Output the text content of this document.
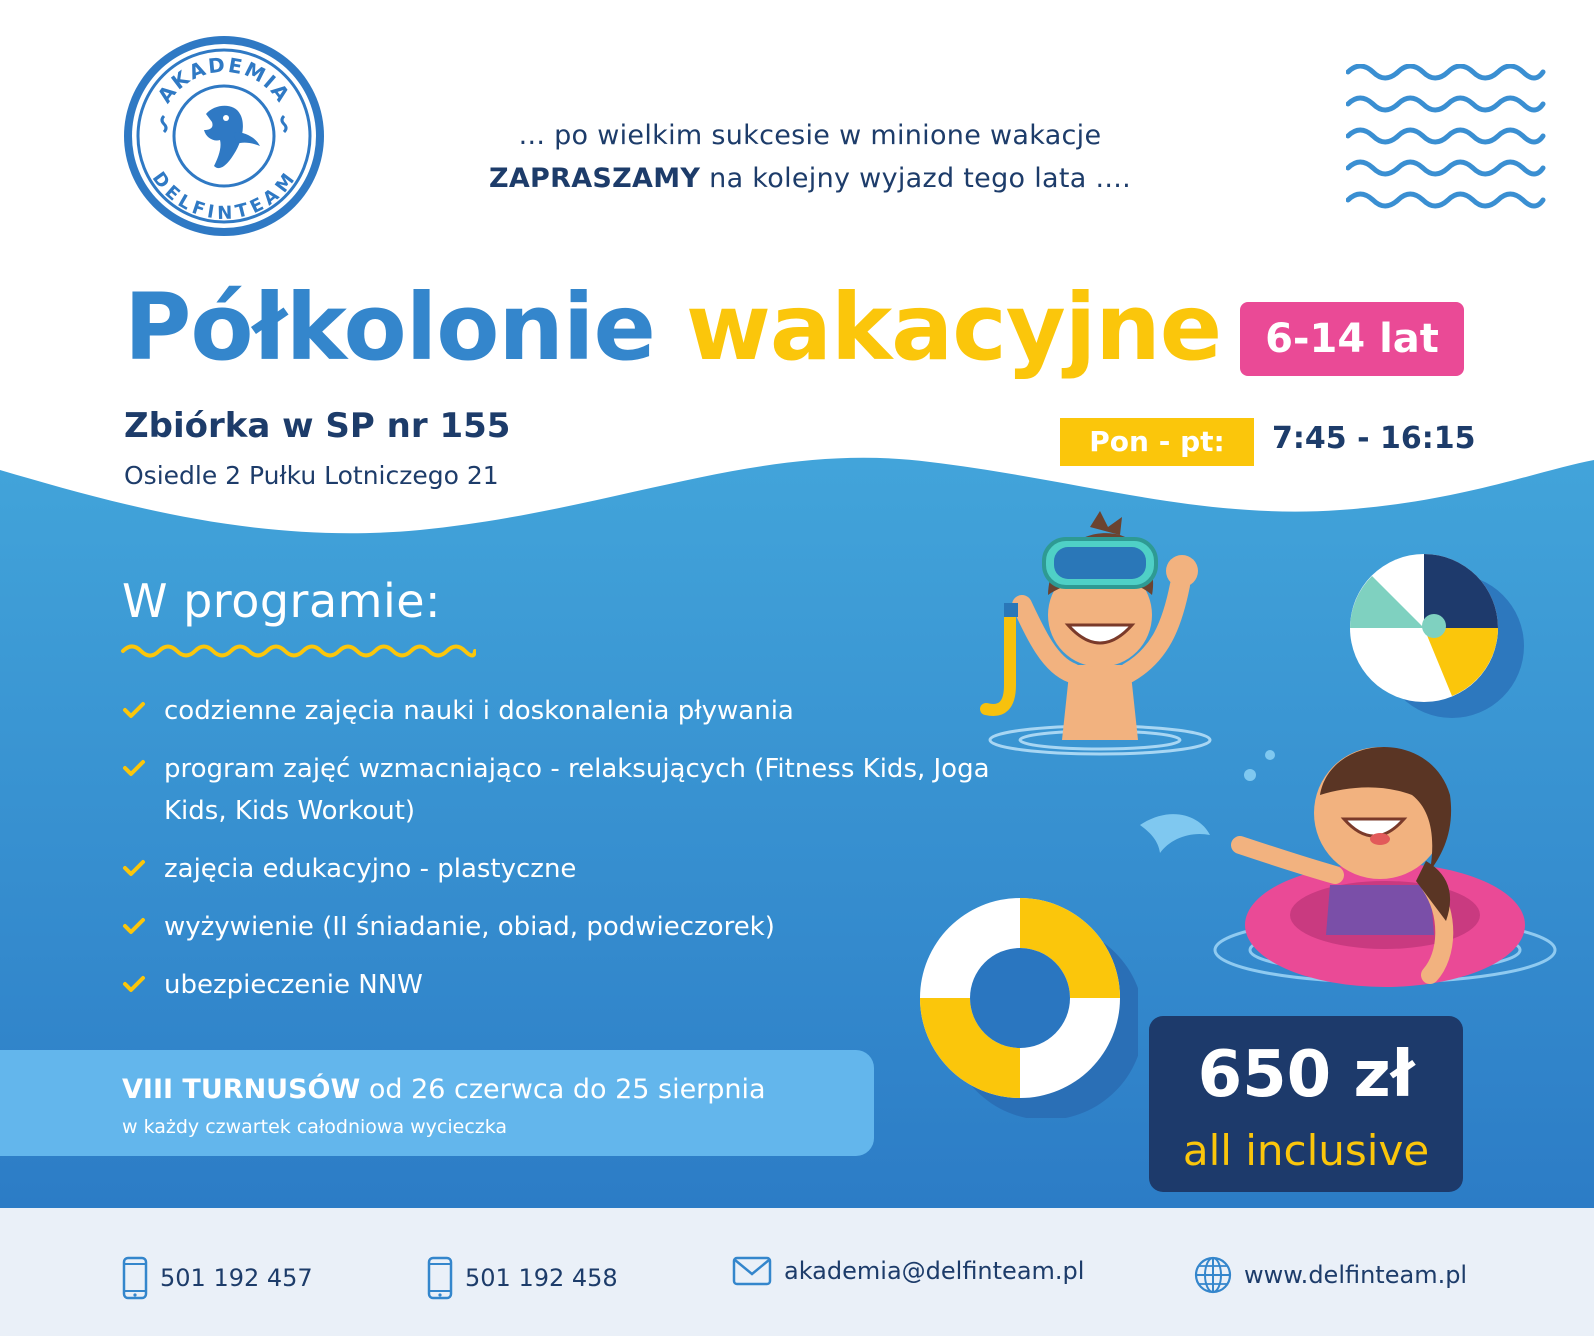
AKADEMIA
DELFINTEAM
... po wielkim sukcesie w minione wakacje
ZAPRASZAMY na kolejny wyjazd tego lata ....
Półkolonie wakacyjne	6-14 lat
Zbiórka w SP nr 155
Osiedle 2 Pułku Lotniczego 21
Pon - pt:	7:45 - 16:15
W programie:
codzienne zajęcia nauki i doskonalenia pływania
program zajęć wzmacniająco - relaksujących (Fitness Kids, Joga Kids, Kids Workout)
zajęcia edukacyjno - plastyczne
wyżywienie (II śniadanie, obiad, podwieczorek)
ubezpieczenie NNW
VIII TURNUSÓW od 26 czerwca do 25 sierpnia
w każdy czwartek całodniowa wycieczka
650 zł
all inclusive
501 192 457	501 192 458	akademia@delfinteam.pl	www.delfinteam.pl
